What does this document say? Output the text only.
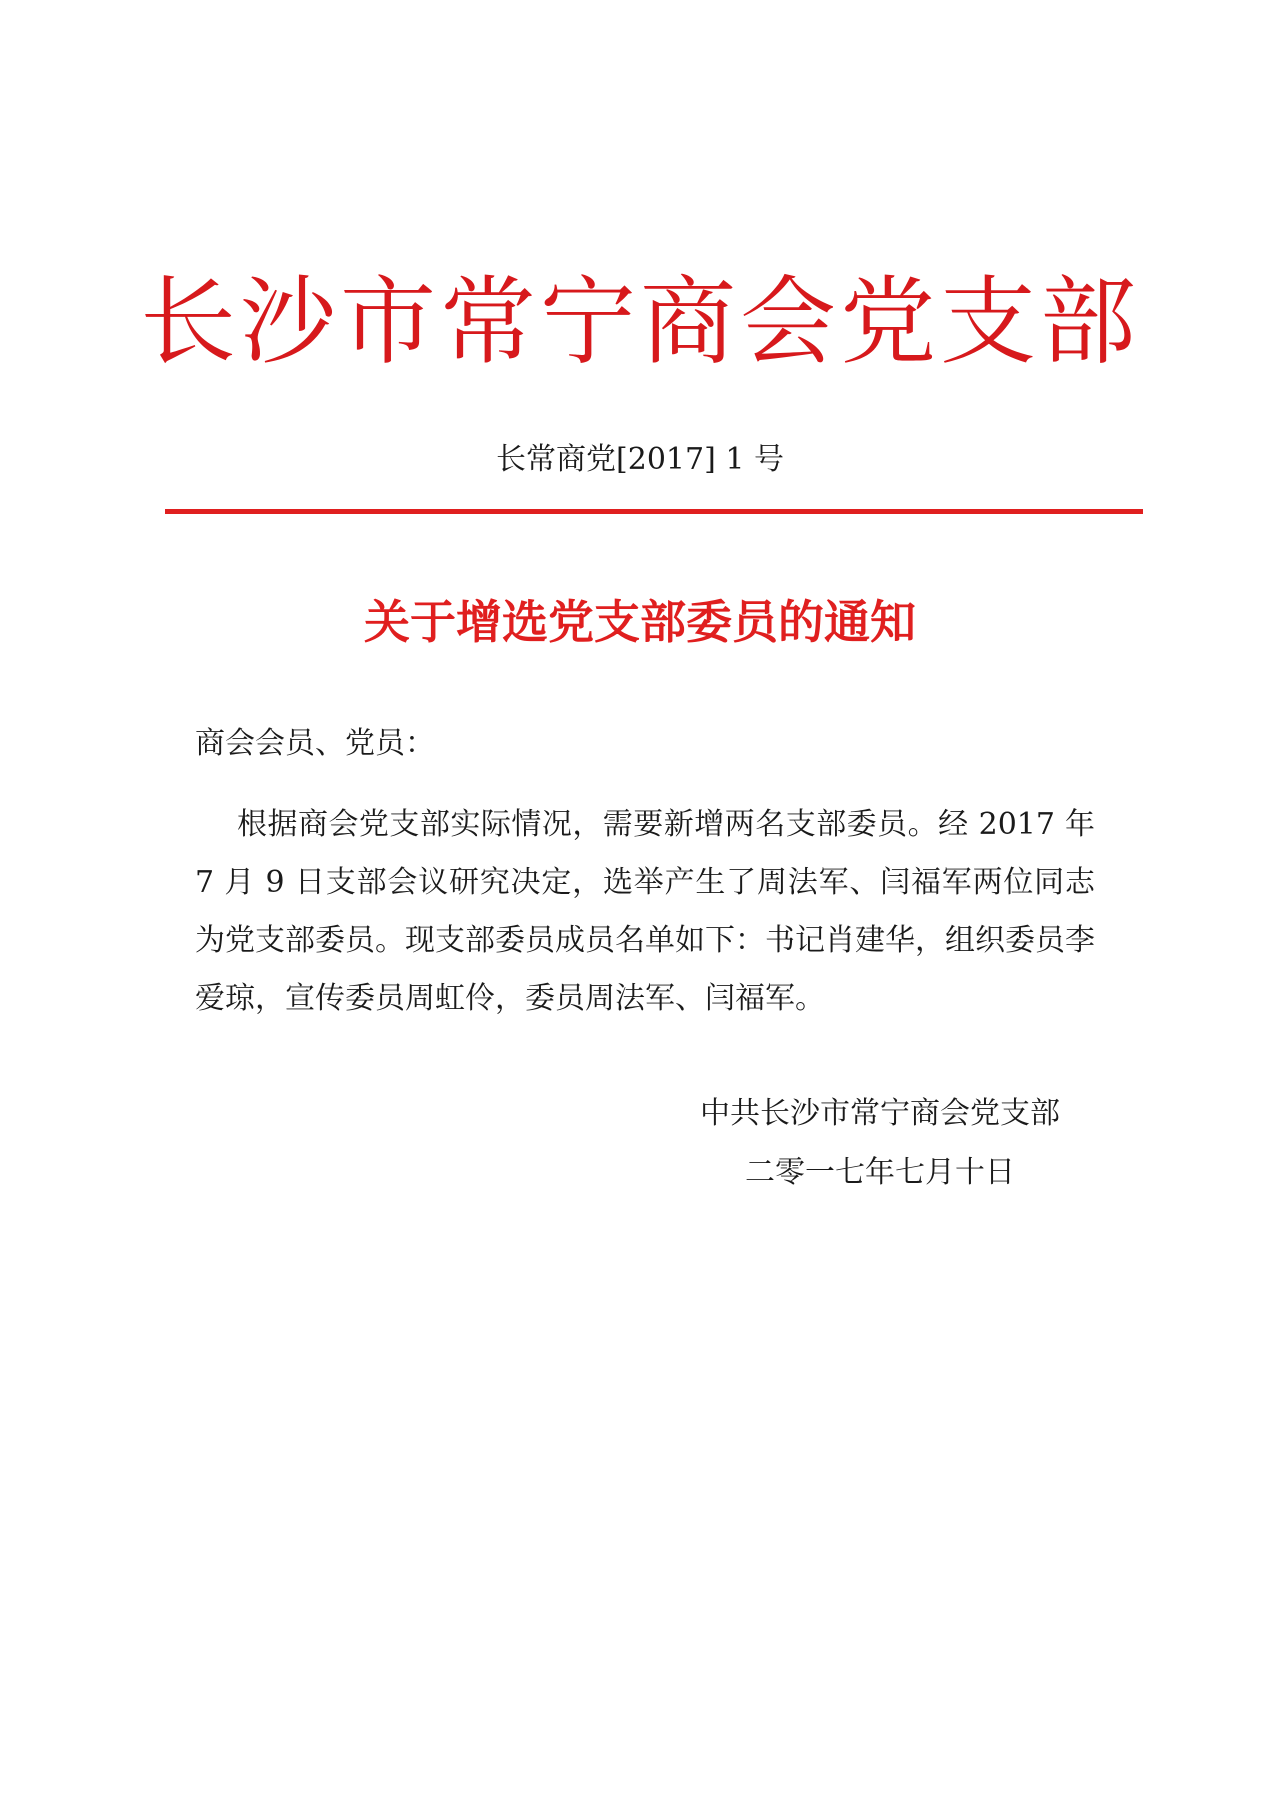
长沙市常宁商会党支部
长常商党[2017] 1 号
关于增选党支部委员的通知
商会会员、党员：
根据商会党支部实际情况，需要新增两名支部委员。经 2017 年 7 月 9 日支部会议研究决定，选举产生了周法军、闫福军两位同志为党支部委员。现支部委员成员名单如下：书记肖建华，组织委员李爱琼，宣传委员周虹伶，委员周法军、闫福军。
中共长沙市常宁商会党支部
二零一七年七月十日
